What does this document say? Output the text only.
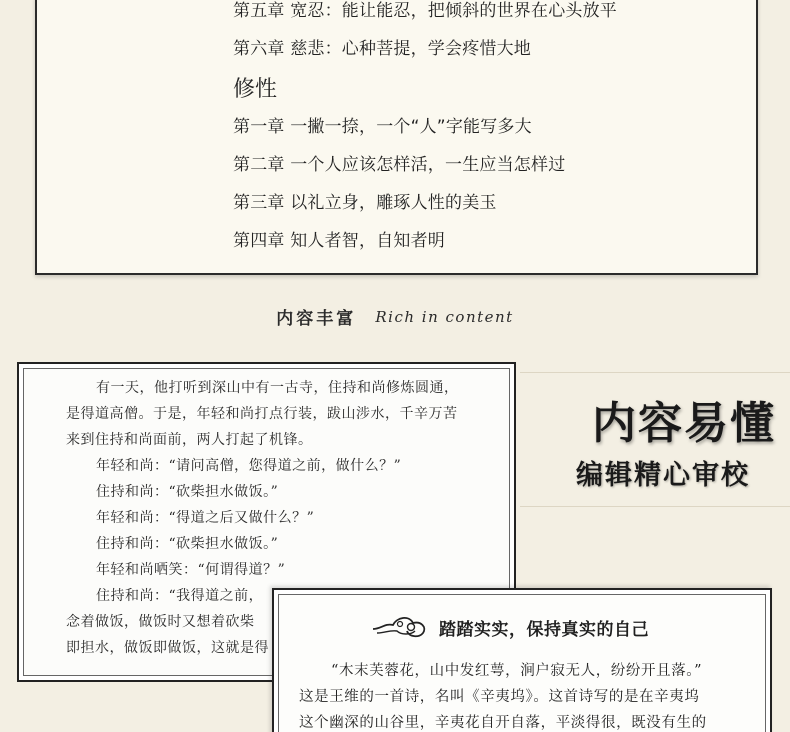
第五章 宽忍：能让能忍，把倾斜的世界在心头放平
第六章 慈悲：心种菩提，学会疼惜大地
修性
第一章 一撇一捺，一个“人”字能写多大
第二章 一个人应该怎样活，一生应当怎样过
第三章 以礼立身，雕琢人性的美玉
第四章 知人者智，自知者明
内容丰富 Rich in content
有一天，他打听到深山中有一古寺，住持和尚修炼圆通，
是得道高僧。于是，年轻和尚打点行装，跋山涉水，千辛万苦
来到住持和尚面前，两人打起了机锋。
年轻和尚：“请问高僧，您得道之前，做什么？”
住持和尚：“砍柴担水做饭。”
年轻和尚：“得道之后又做什么？”
住持和尚：“砍柴担水做饭。”
年轻和尚哂笑：“何谓得道？”
住持和尚：“我得道之前，
念着做饭，做饭时又想着砍柴
即担水，做饭即做饭，这就是得
内容易懂
编辑精心审校
踏踏实实，保持真实的自己
“木末芙蓉花，山中发红萼，涧户寂无人，纷纷开且落。”
这是王维的一首诗，名叫《辛夷坞》。这首诗写的是在辛夷坞
这个幽深的山谷里，辛夷花自开自落，平淡得很，既没有生的
